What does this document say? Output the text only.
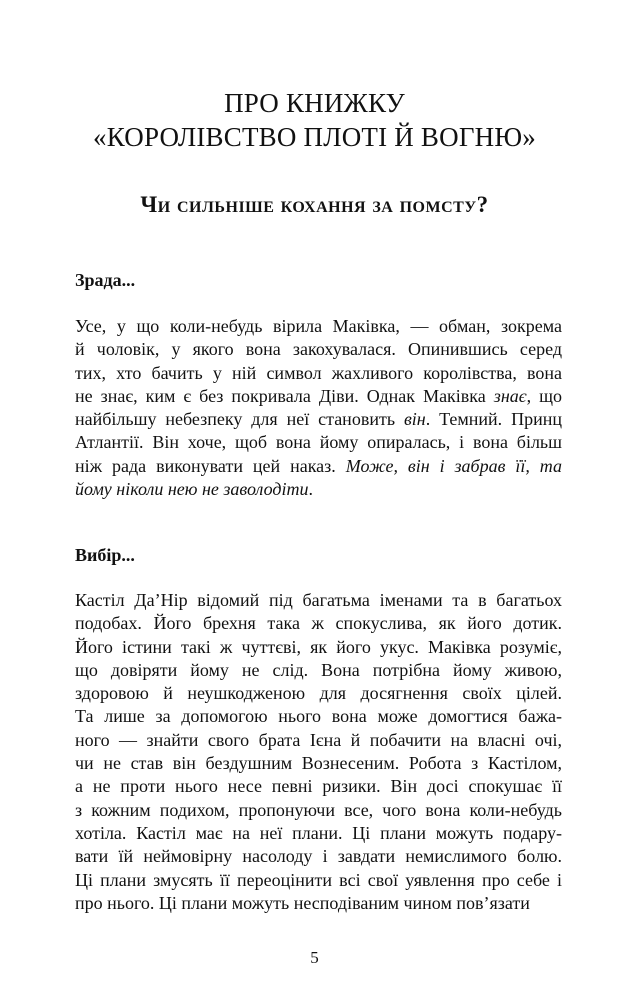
ПРО КНИЖКУ
«КОРОЛІВСТВО ПЛОТІ Й ВОГНЮ»
Чи сильніше кохання за помсту?
Зрада...

Усе, у що коли-небудь вірила Маківка, — обман, зокрема
й чоловік, у якого вона закохувалася. Опинившись серед
тих, хто бачить у ній символ жахливого королівства, вона
не знає, ким є без покривала Діви. Однак Маківка знає, що
найбільшу небезпеку для неї становить він. Темний. Принц
Атлантії. Він хоче, щоб вона йому опиралась, і вона більш
ніж рада виконувати цей наказ. Може, він і забрав її, та
йому ніколи нею не заволодіти.

Вибір...

Кастіл Да’Нір відомий під багатьма іменами та в багатьох
подобах. Його брехня така ж спокуслива, як його дотик.
Його істини такі ж чуттєві, як його укус. Маківка розуміє,
що довіряти йому не слід. Вона потрібна йому живою,
здоровою й неушкодженою для досягнення своїх цілей.
Та лише за допомогою нього вона може домогтися бажа-
ного — знайти свого брата Ієна й побачити на власні очі,
чи не став він бездушним Вознесеним. Робота з Кастілом,
а не проти нього несе певні ризики. Він досі спокушає її
з кожним подихом, пропонуючи все, чого вона коли-небудь
хотіла. Кастіл має на неї плани. Ці плани можуть подару-
вати їй неймовірну насолоду і завдати немислимого болю.
Ці плани змусять її переоцінити всі свої уявлення про себе і
про нього. Ці плани можуть несподіваним чином пов’язати

5
